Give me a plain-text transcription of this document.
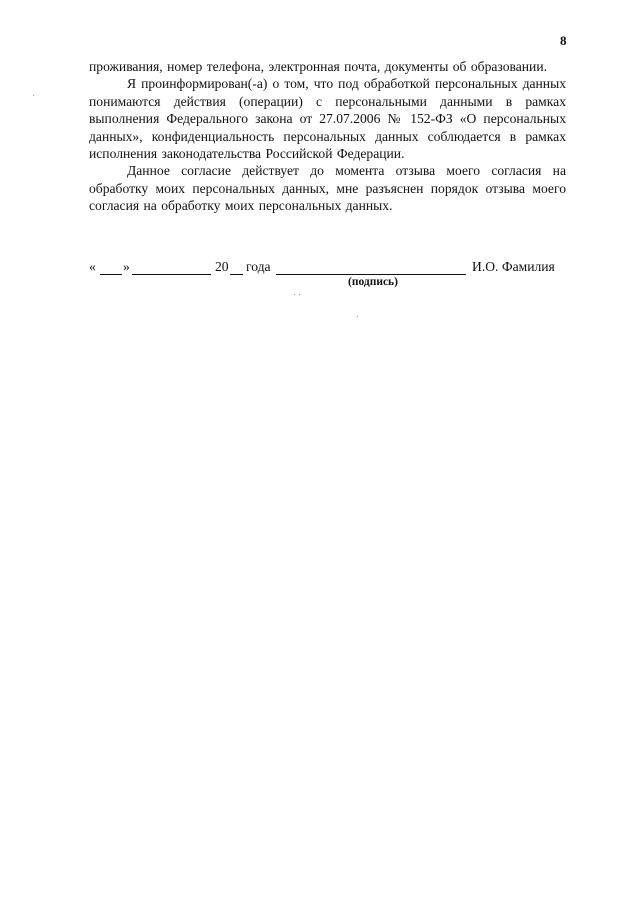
8

проживания, номер телефона, электронная почта, документы об образовании.

Я проинформирован(-а) о том, что под обработкой персональных данных понимаются действия (операции) с персональными данными в рамках выполнения Федерального закона от 27.07.2006 № 152-ФЗ «О персональных данных», конфиденциальность персональных данных соблюдается в рамках исполнения законодательства Российской Федерации.

Данное согласие действует до момента отзыва моего согласия на обработку моих персональных данных, мне разъяснен порядок отзыва моего согласия на обработку моих персональных данных.

« »	20 года	И.О. Фамилия
(подпись)
